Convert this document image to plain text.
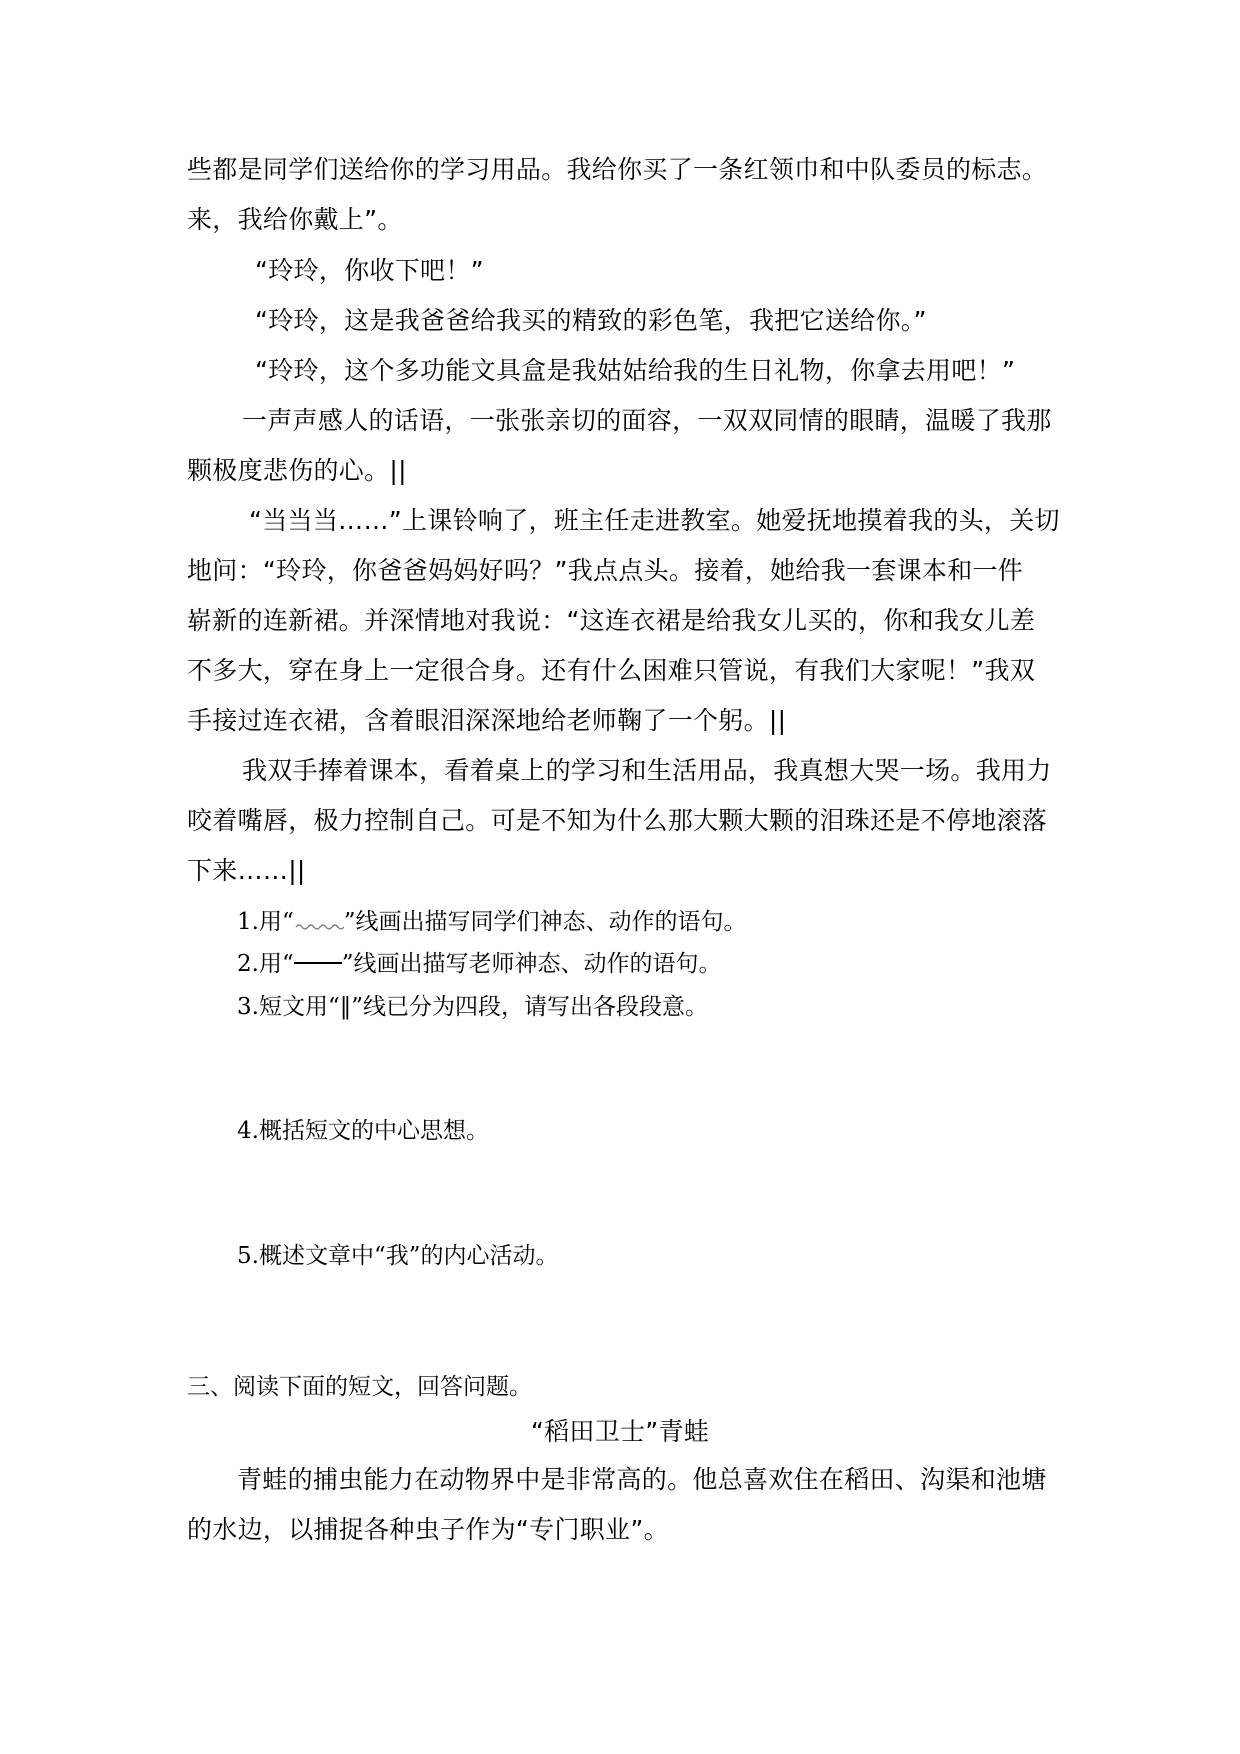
些都是同学们送给你的学习用品。我给你买了一条红领巾和中队委员的标志。
来，我给你戴上”。
“玲玲，你收下吧！”
“玲玲，这是我爸爸给我买的精致的彩色笔，我把它送给你。”
“玲玲，这个多功能文具盒是我姑姑给我的生日礼物，你拿去用吧！”
一声声感人的话语，一张张亲切的面容，一双双同情的眼睛，温暖了我那
颗极度悲伤的心。||
“当当当……”上课铃响了，班主任走进教室。她爱抚地摸着我的头，关切
地问：“玲玲，你爸爸妈妈好吗？”我点点头。接着，她给我一套课本和一件
崭新的连新裙。并深情地对我说：“这连衣裙是给我女儿买的，你和我女儿差
不多大，穿在身上一定很合身。还有什么困难只管说，有我们大家呢！”我双
手接过连衣裙，含着眼泪深深地给老师鞠了一个躬。||
我双手捧着课本，看着桌上的学习和生活用品，我真想大哭一场。我用力
咬着嘴唇，极力控制自己。可是不知为什么那大颗大颗的泪珠还是不停地滚落
下来……||
1.用“ ”线画出描写同学们神态、动作的语句。
2.用“ ”线画出描写老师神态、动作的语句。
3.短文用“‖”线已分为四段，请写出各段段意。
4.概括短文的中心思想。
5.概述文章中“我”的内心活动。
三、阅读下面的短文，回答问题。
“稻田卫士”青蛙
青蛙的捕虫能力在动物界中是非常高的。他总喜欢住在稻田、沟渠和池塘
的水边，以捕捉各种虫子作为“专门职业”。
